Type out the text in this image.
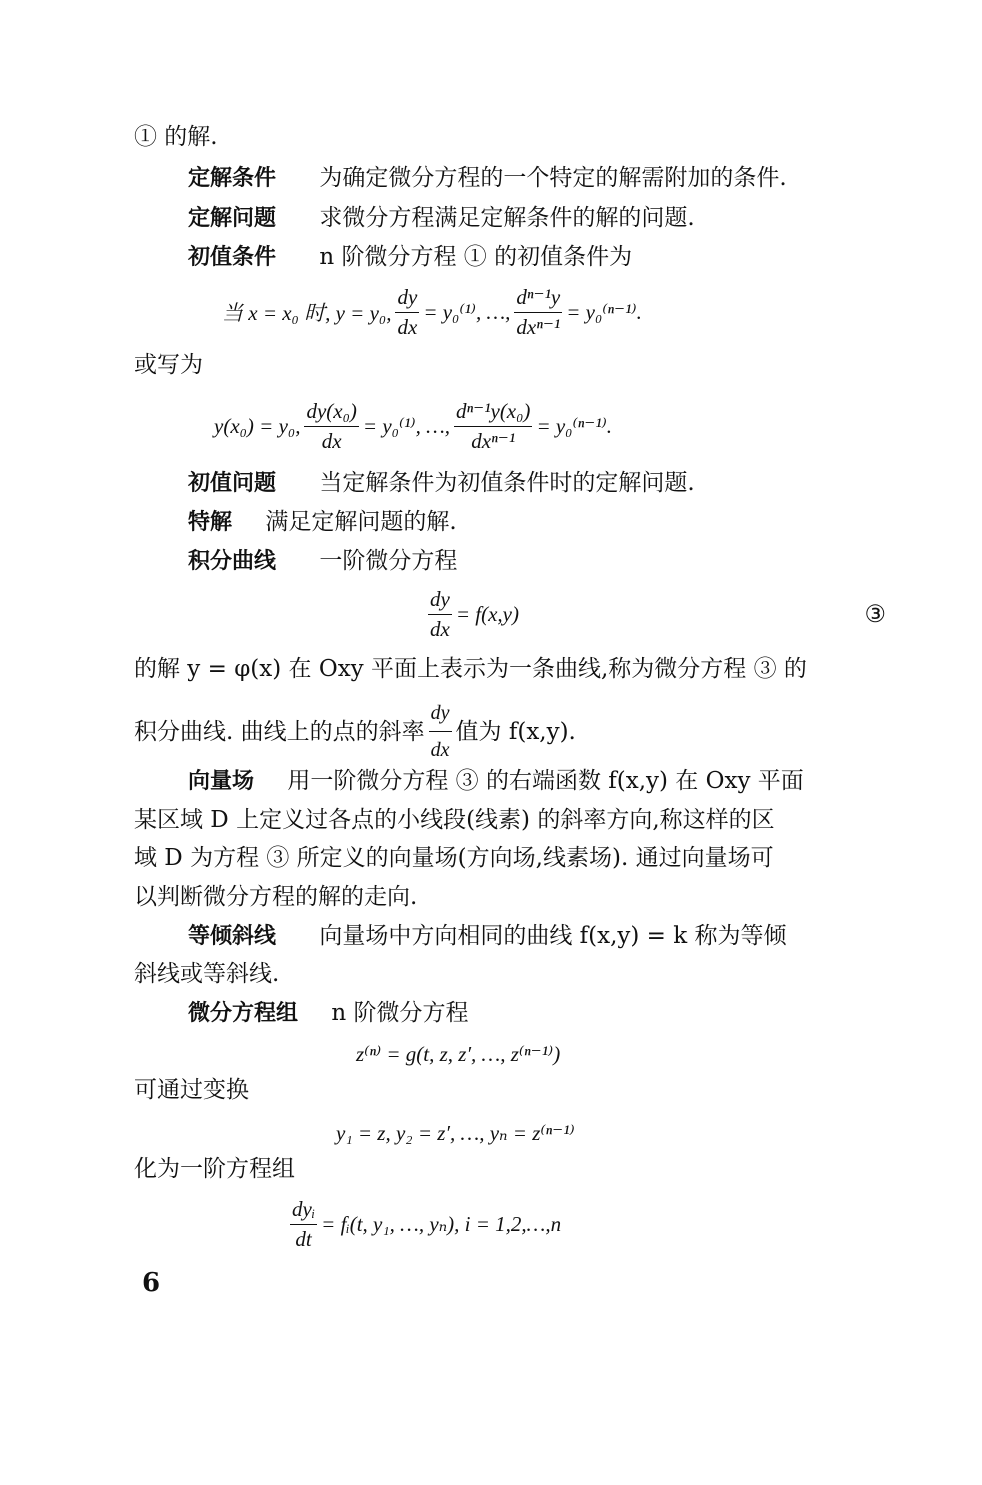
① 的解.
定解条件 为确定微分方程的一个特定的解需附加的条件.
定解问题 求微分方程满足定解条件的解的问题.
初值条件 n 阶微分方程 ① 的初值条件为
当 x = x₀ 时, y = y₀, $\frac{dy}{dx} = y_0^{(1)}$, …, $\frac{\text{dⁿ⁻¹y}}{\text{dxⁿ⁻¹}} = y_0^{(n-1)}$.
或写为
y(x₀) = y₀, $\frac{\text{dy(x₀)}}{dx} = y_0^{(1)}$, …, $\frac{\text{dⁿ⁻¹y(x₀)}}{\text{dxⁿ⁻¹}} = y_0^{(n-1)}$.
初值问题 当定解条件为初值条件时的定解问题.
特解 满足定解问题的解.
积分曲线 一阶微分方程
$\frac{dy}{dx} = f(x,y)$	③
的解 y = φ(x) 在 Oxy 平面上表示为一条曲线,称为微分方程 ③ 的
积分曲线. 曲线上的点的斜率 $\frac{dy}{dx}$ 值为 f(x,y).
向量场 用一阶微分方程 ③ 的右端函数 f(x,y) 在 Oxy 平面
某区域 D 上定义过各点的小线段(线素) 的斜率方向,称这样的区
域 D 为方程 ③ 所定义的向量场(方向场,线素场). 通过向量场可
以判断微分方程的解的走向.
等倾斜线 向量场中方向相同的曲线 f(x,y) = k 称为等倾
斜线或等斜线.
微分方程组 n 阶微分方程
z⁽ⁿ⁾ = g(t, z, z′, …, z⁽ⁿ⁻¹⁾)
可通过变换
y₁ = z, y₂ = z′, …, yₙ = z⁽ⁿ⁻¹⁾
化为一阶方程组
$\frac{\text{dyᵢ}}{dt}$ = fᵢ(t, y₁, …, yₙ), i = 1,2,…,n
6
